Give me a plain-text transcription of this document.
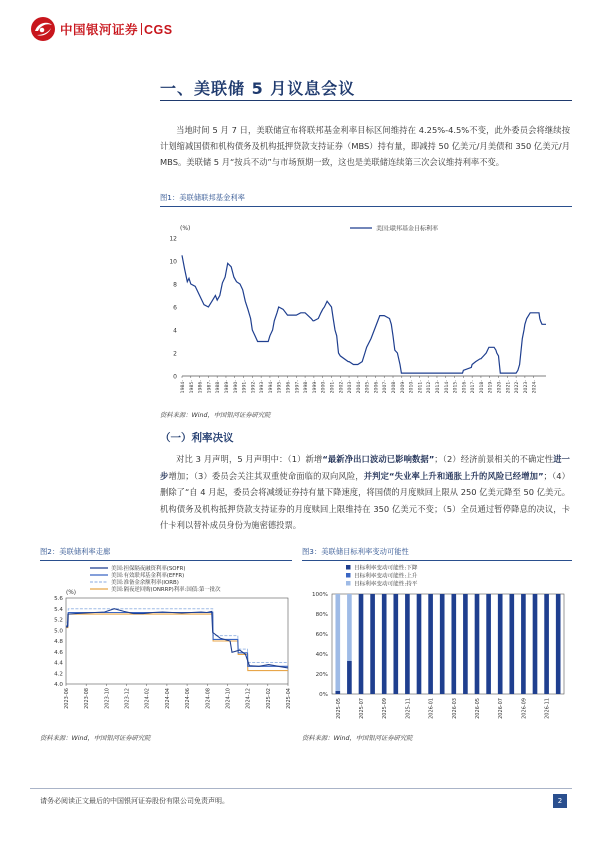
中国银河证券 CGS
一、美联储 5 月议息会议
当地时间 5 月 7 日，美联储宣布将联邦基金利率目标区间维持在 4.25%-4.5%不变，此外委员会将继续按计划缩减国债和机构债务及机构抵押贷款支持证券（MBS）持有量，即减持 50 亿美元/月美债和 350 亿美元/月 MBS。美联储 5 月“按兵不动”与市场预期一致，这也是美联储连续第三次会议维持利率不变。
图1：美联储联邦基金利率
0
2
4
6
8
10
12
(%)
1984- 1985- 1986- 1987- 1988- 1989- 1990- 1991- 1992- 1993- 1994- 1995- 1996- 1997- 1998- 1999- 2000- 2001- 2002- 2003- 2004- 2005- 2006- 2007- 2008- 2009- 2010- 2011- 2012- 2013- 2014- 2015- 2016- 2017- 2018- 2019- 2020- 2021- 2022- 2023- 2024-
美国:联邦基金目标利率
资料来源：Wind，中国银河证券研究院
（一）利率决议
对比 3 月声明，5 月声明中：（1）新增“最新净出口波动已影响数据”；（2）经济前景相关的不确定性进一步增加；（3）委员会关注其双重使命面临的双向风险，并判定“失业率上升和通胀上升的风险已经增加”；（4）删除了“自 4 月起，委员会将减缓证券持有量下降速度，将国债的月度赎回上限从 250 亿美元降至 50 亿美元。机构债务及机构抵押贷款支持证券的月度赎回上限维持在 350 亿美元不变；（5）全员通过暂停降息的决议，卡什卡利以替补成员身份为施密德投票。
图2：美联储利率走廊
4.0
4.2
4.4
4.6
4.8
5.0
5.2
5.4
5.6
(%)
2023-06	2023-08	2023-10	2023-12	2024-02	2024-04	2024-06	2024-08	2024-10	2024-12	2025-02	2025-04
美国:担保隔夜融资利率(SOFR)
美国:有效联邦基金利率(EFFR)
美国:准备金余额利率(IORB)
美国:隔夜逆回购(ONRRP)利率:国债:第一批次
资料来源：Wind，中国银河证券研究院
图3：美联储目标利率变动可能性
0%
20%
40%
60%
80%
100%
2025-05	2025-07	2025-09	2025-11	2026-01	2026-03	2026-05	2026-07	2026-09	2026-11
目标利率变动可能性:下降
目标利率变动可能性:上升
目标利率变动可能性:持平
资料来源：Wind，中国银河证券研究院
请务必阅读正文最后的中国银河证券股份有限公司免责声明。	2
